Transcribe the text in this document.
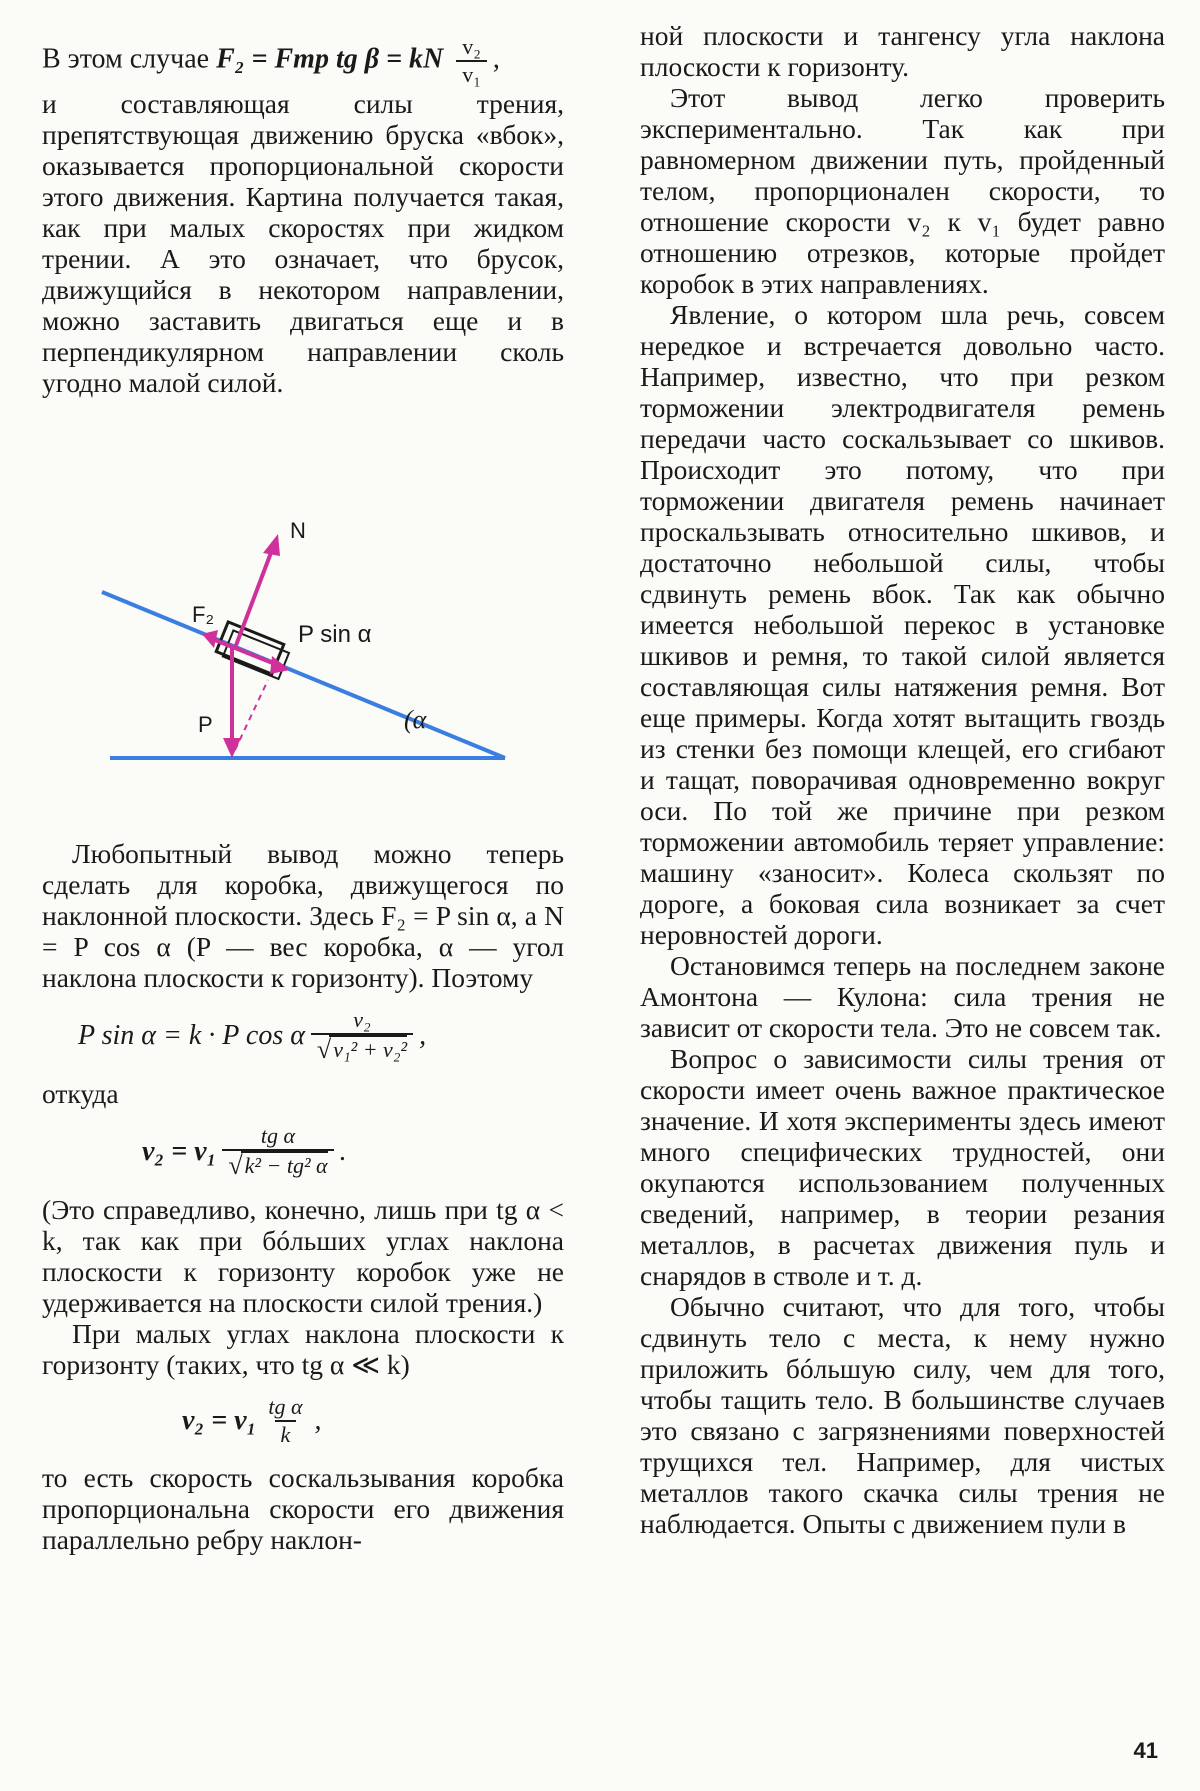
В этом случае F₂ = Fтр tg β = kN $\frac{\text{v₂}}{\text{v₁}}$ ,

и составляющая силы трения, препятствующая движению бруска «вбок», оказывается пропорциональной скорости этого движения. Картина получается такая, как при малых скоростях при жидком трении. А это означает, что брусок, движущийся в некотором направлении, можно заставить двигаться еще и в перпендикулярном направлении сколь угодно малой силой.

Любопытный вывод можно теперь сделать для коробка, движущегося по наклонной плоскости. Здесь F₂ = P sin α, а N = P cos α (P — вес коробка, α — угол наклона плоскости к горизонту). Поэтому

P sin α = k · P cos α $\frac{\text{v₂}}{\text{√ v₁² + v₂²}}$ ,

откуда

$v_2 = v_1 \frac{\text{tg α}}{\text{√ k² − tg² α}}$ .

(Это справедливо, конечно, лишь при tg α < k, так как при бóльших углах наклона плоскости к горизонту коробок уже не удерживается на плоскости силой трения.)

При малых углах наклона плоскости к горизонту (таких, что tg α ≪ k)

$v_2 = v_1 \frac{\text{tg α}}{k}$ ,

то есть скорость соскальзывания коробка пропорциональна скорости его движения параллельно ребру наклон-

N
F₂
P sin α
P	(α

ной плоскости и тангенсу угла наклона плоскости к горизонту.

Этот вывод легко проверить экспериментально. Так как при равномерном движении путь, пройденный телом, пропорционален скорости, то отношение скорости v₂ к v₁ будет равно отношению отрезков, которые пройдет коробок в этих направлениях.

Явление, о котором шла речь, совсем нередкое и встречается довольно часто. Например, известно, что при резком торможении электродвигателя ремень передачи часто соскальзывает со шкивов. Происходит это потому, что при торможении двигателя ремень начинает проскальзывать относительно шкивов, и достаточно небольшой силы, чтобы сдвинуть ремень вбок. Так как обычно имеется небольшой перекос в установке шкивов и ремня, то такой силой является составляющая силы натяжения ремня. Вот еще примеры. Когда хотят вытащить гвоздь из стенки без помощи клещей, его сгибают и тащат, поворачивая одновременно вокруг оси. По той же причине при резком торможении автомобиль теряет управление: машину «заносит». Колеса скользят по дороге, а боковая сила возникает за счет неровностей дороги.

Остановимся теперь на последнем законе Амонтона — Кулона: сила трения не зависит от скорости тела. Это не совсем так.

Вопрос о зависимости силы трения от скорости имеет очень важное практическое значение. И хотя эксперименты здесь имеют много специфических трудностей, они окупаются использованием полученных сведений, например, в теории резания металлов, в расчетах движения пуль и снарядов в стволе и т. д.

Обычно считают, что для того, чтобы сдвинуть тело с места, к нему нужно приложить бóльшую силу, чем для того, чтобы тащить тело. В большинстве случаев это связано с загрязнениями поверхностей трущихся тел. Например, для чистых металлов такого скачка силы трения не наблюдается. Опыты с движением пули в

41
